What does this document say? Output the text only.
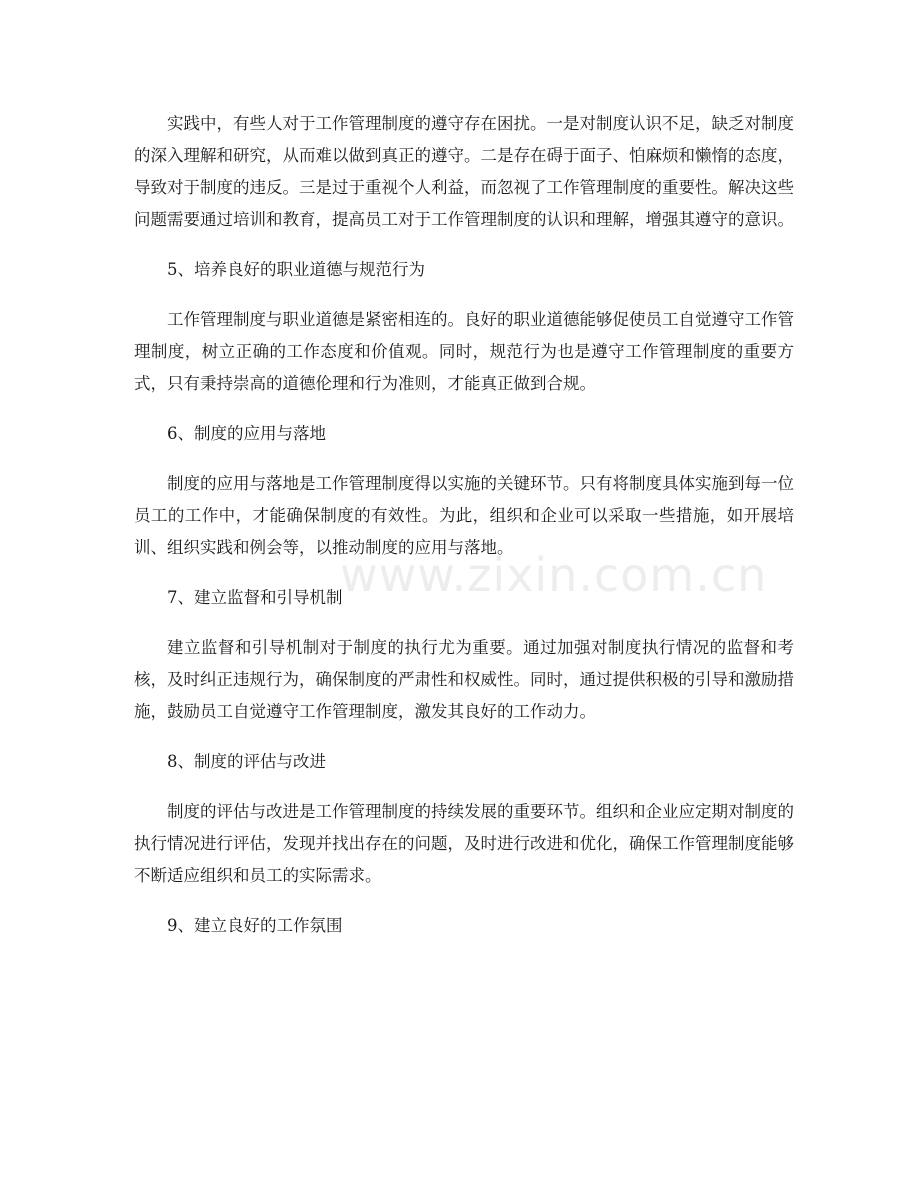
实践中，有些人对于工作管理制度的遵守存在困扰。一是对制度认识不足，缺乏对制度的深入理解和研究，从而难以做到真正的遵守。二是存在碍于面子、怕麻烦和懒惰的态度，导致对于制度的违反。三是过于重视个人利益，而忽视了工作管理制度的重要性。解决这些问题需要通过培训和教育，提高员工对于工作管理制度的认识和理解，增强其遵守的意识。

5、培养良好的职业道德与规范行为

工作管理制度与职业道德是紧密相连的。良好的职业道德能够促使员工自觉遵守工作管理制度，树立正确的工作态度和价值观。同时，规范行为也是遵守工作管理制度的重要方式，只有秉持崇高的道德伦理和行为准则，才能真正做到合规。

6、制度的应用与落地

制度的应用与落地是工作管理制度得以实施的关键环节。只有将制度具体实施到每一位员工的工作中，才能确保制度的有效性。为此，组织和企业可以采取一些措施，如开展培训、组织实践和例会等，以推动制度的应用与落地。

7、建立监督和引导机制

建立监督和引导机制对于制度的执行尤为重要。通过加强对制度执行情况的监督和考核，及时纠正违规行为，确保制度的严肃性和权威性。同时，通过提供积极的引导和激励措施，鼓励员工自觉遵守工作管理制度，激发其良好的工作动力。

8、制度的评估与改进

制度的评估与改进是工作管理制度的持续发展的重要环节。组织和企业应定期对制度的执行情况进行评估，发现并找出存在的问题，及时进行改进和优化，确保工作管理制度能够不断适应组织和员工的实际需求。

9、建立良好的工作氛围

www.zixin.com.cn
